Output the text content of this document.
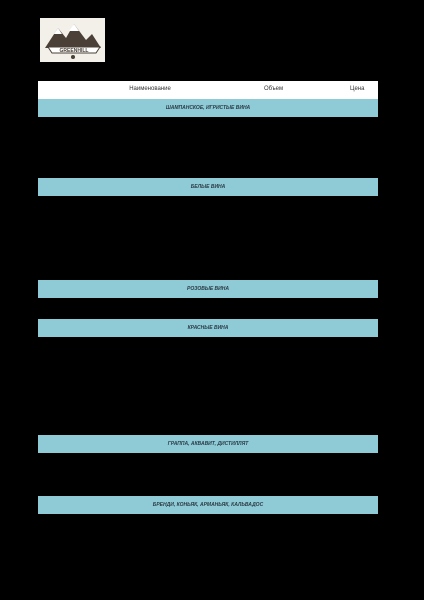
GREENHILL
Наименование	Объем	Цена
ШАМПАНСКОЕ, ИГРИСТЫЕ ВИНА
БЕЛЫЕ ВИНА
РОЗОВЫЕ ВИНА
КРАСНЫЕ ВИНА
ГРАППА, АКВАВИТ, ДИСТИЛЛЯТ
БРЕНДИ, КОНЬЯК, АРМАНЬЯК, КАЛЬВАДОС
